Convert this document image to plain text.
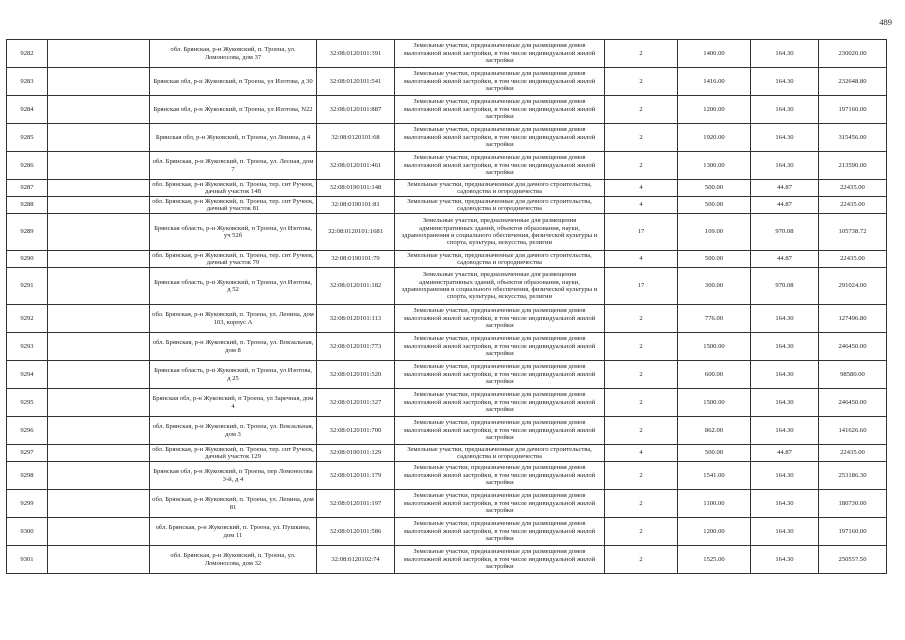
489
9282		обл. Брянская, р-н Жуковский, п. Троена, ул. Ломоносова, дом 37	32:08:0120101:391	Земельные участки, предназначенные для размещения домов малоэтажной жилой застройки, в том числе индивидуальной жилой застройки	2	1400.00	164.30	230020.00
9283		Брянская обл, р-н Жуковский, п Троена, ул Изотова, д 30	32:08:0120101:541	Земельные участки, предназначенные для размещения домов малоэтажной жилой застройки, в том числе индивидуальной жилой застройки	2	1416.00	164.30	232648.80
9284		Брянская обл, р-н Жуковский, п Троена, ул Изотова, N22	32:08:0120101:887	Земельные участки, предназначенные для размещения домов малоэтажной жилой застройки, в том числе индивидуальной жилой застройки	2	1200.00	164.30	197160.00
9285		Брянская обл, р-н Жуковский, п Троена, ул Ленина, д 4	32:08:0120101:68	Земельные участки, предназначенные для размещения домов малоэтажной жилой застройки, в том числе индивидуальной жилой застройки	2	1920.00	164.30	315456.00
9286		обл. Брянская, р-н Жуковский, п. Троена, ул. Лесная, дом 7	32:08:0120101:461	Земельные участки, предназначенные для размещения домов малоэтажной жилой застройки, в том числе индивидуальной жилой застройки	2	1300.00	164.30	213590.00
9287		обл. Брянская, р-н Жуковский, п. Троена, тер. снт Ручеек, дачный участок 148	32:08:0190101:148	Земельные участки, предназначенные для дачного строительства, садоводства и огородничества	4	500.00	44.87	22435.00
9288		обл. Брянская, р-н Жуковский, п. Троена, тер. снт Ручеек, дачный участок 81	32:08:0190101:81	Земельные участки, предназначенные для дачного строительства, садоводства и огородничества	4	500.00	44.87	22435.00
9289		Брянская область, р-н Жуковский, п Троена, ул Изотова, уч 52б	32:08:0120101:1681	Земельные участки, предназначенные для размещения административных зданий, объектов образования, науки, здравоохранения и социального обеспечения, физической культуры и спорта, культуры, искусства, религии	17	109.00	970.08	105738.72
9290		обл. Брянская, р-н Жуковский, п. Троена, тер. снт Ручеек, дачный участок 79	32:08:0190101:79	Земельные участки, предназначенные для дачного строительства, садоводства и огородничества	4	500.00	44.87	22435.00
9291		Брянская область, р-н Жуковский, п Троена, ул Изотова, д 52	32:08:0120101:182	Земельные участки, предназначенные для размещения административных зданий, объектов образования, науки, здравоохранения и социального обеспечения, физической культуры и спорта, культуры, искусства, религии	17	300.00	970.08	291024.00
9292		обл. Брянская, р-н Жуковский, п. Троена, ул. Ленина, дом 103, корпус А	32:08:0120101:113	Земельные участки, предназначенные для размещения домов малоэтажной жилой застройки, в том числе индивидуальной жилой застройки	2	776.00	164.30	127496.80
9293		обл. Брянская, р-н Жуковский, п. Троена, ул. Вокзальная, дом 8	32:08:0120101:773	Земельные участки, предназначенные для размещения домов малоэтажной жилой застройки, в том числе индивидуальной жилой застройки	2	1500.00	164.30	246450.00
9294		Брянская область, р-н Жуковский, п Троена, ул Изотова, д 25	32:08:0120101:520	Земельные участки, предназначенные для размещения домов малоэтажной жилой застройки, в том числе индивидуальной жилой застройки	2	600.00	164.30	98580.00
9295		Брянская обл, р-н Жуковский, п Троена, ул Заречная, дом 4	32:08:0120101:327	Земельные участки, предназначенные для размещения домов малоэтажной жилой застройки, в том числе индивидуальной жилой застройки	2	1500.00	164.30	246450.00
9296		обл. Брянская, р-н Жуковский, п. Троена, ул. Вокзальная, дом 3	32:08:0120101:700	Земельные участки, предназначенные для размещения домов малоэтажной жилой застройки, в том числе индивидуальной жилой застройки	2	862.00	164.30	141626.60
9297		обл. Брянская, р-н Жуковский, п. Троена, тер. снт Ручеек, дачный участок 129	32:08:0190101:129	Земельные участки, предназначенные для дачного строительства, садоводства и огородничества	4	500.00	44.87	22435.00
9298		Брянская обл, р-н Жуковский, п Троена, пер Ломоносова 3-й, д 4	32:08:0120101:179	Земельные участки, предназначенные для размещения домов малоэтажной жилой застройки, в том числе индивидуальной жилой застройки	2	1541.00	164.30	253186.30
9299		обл. Брянская, р-н Жуковский, п. Троена, ул. Ленина, дом 81	32:08:0120101:197	Земельные участки, предназначенные для размещения домов малоэтажной жилой застройки, в том числе индивидуальной жилой застройки	2	1100.00	164.30	180730.00
9300		обл. Брянская, р-н Жуковский, п. Троена, ул. Пушкина, дом 11	32:08:0120101:586	Земельные участки, предназначенные для размещения домов малоэтажной жилой застройки, в том числе индивидуальной жилой застройки	2	1200.00	164.30	197160.00
9301		обл. Брянская, р-н Жуковский, п. Троена, ул. Ломоносова, дом 32	32:08:0120102:74	Земельные участки, предназначенные для размещения домов малоэтажной жилой застройки, в том числе индивидуальной жилой застройки	2	1525.00	164.30	250557.50
